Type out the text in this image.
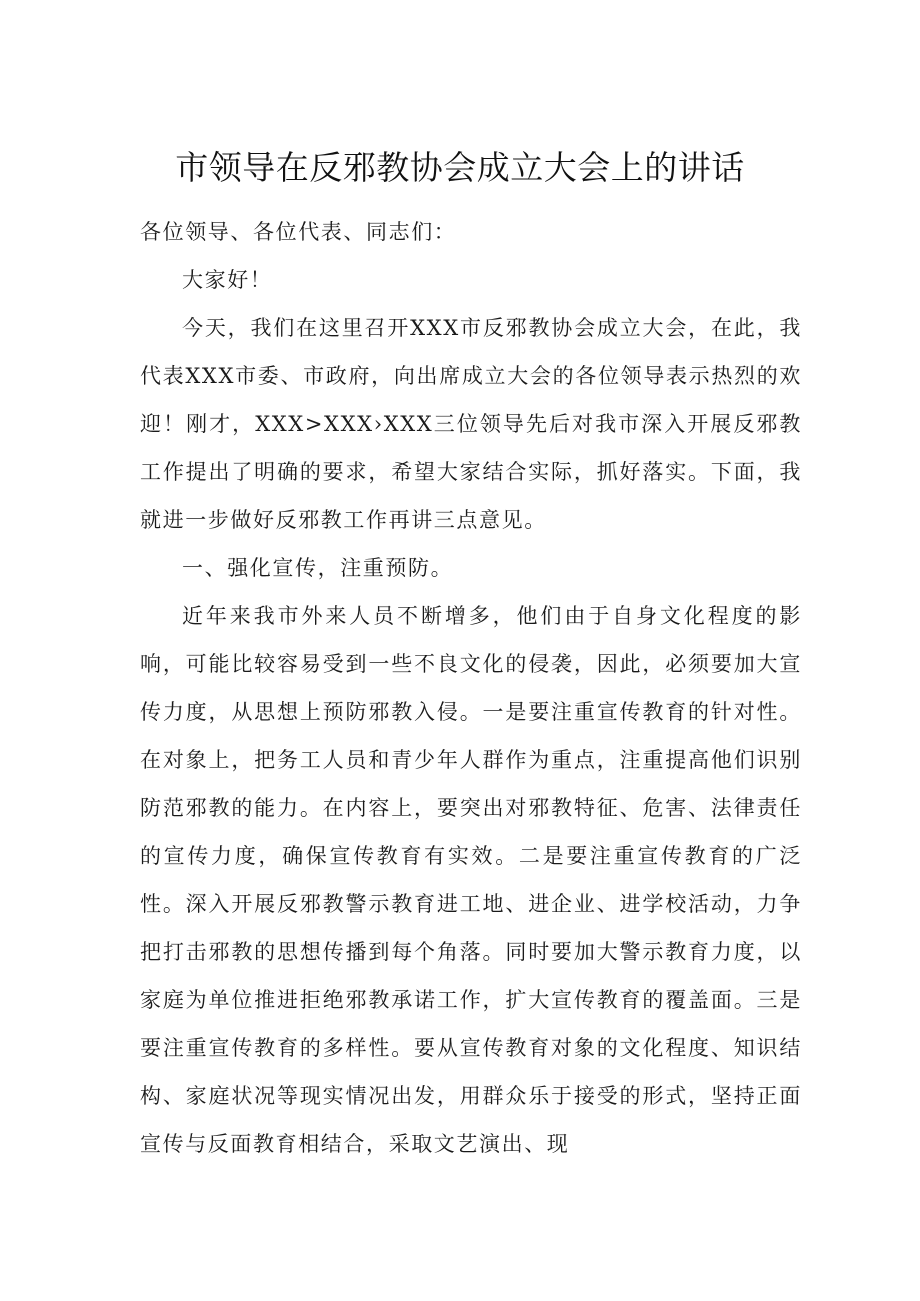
市领导在反邪教协会成立大会上的讲话

各位领导、各位代表、同志们：

大家好！

今天，我们在这里召开XXX市反邪教协会成立大会，在此，我代表XXX市委、市政府，向出席成立大会的各位领导表示热烈的欢迎！刚才，XXX>XXX›XXX三位领导先后对我市深入开展反邪教工作提出了明确的要求，希望大家结合实际，抓好落实。下面，我就进一步做好反邪教工作再讲三点意见。

一、强化宣传，注重预防。

近年来我市外来人员不断增多，他们由于自身文化程度的影响，可能比较容易受到一些不良文化的侵袭，因此，必须要加大宣传力度，从思想上预防邪教入侵。一是要注重宣传教育的针对性。在对象上，把务工人员和青少年人群作为重点，注重提高他们识别防范邪教的能力。在内容上，要突出对邪教特征、危害、法律责任的宣传力度，确保宣传教育有实效。二是要注重宣传教育的广泛性。深入开展反邪教警示教育进工地、进企业、进学校活动，力争把打击邪教的思想传播到每个角落。同时要加大警示教育力度，以家庭为单位推进拒绝邪教承诺工作，扩大宣传教育的覆盖面。三是要注重宣传教育的多样性。要从宣传教育对象的文化程度、知识结构、家庭状况等现实情况出发，用群众乐于接受的形式，坚持正面宣传与反面教育相结合，采取文艺演出、现
